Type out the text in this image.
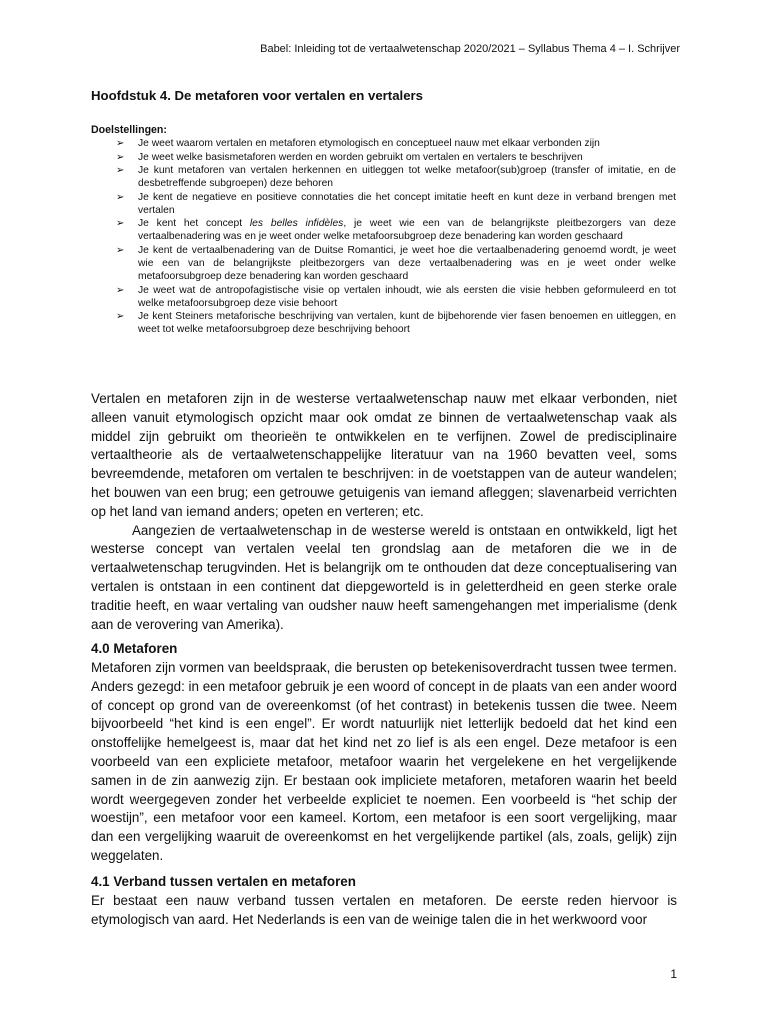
Babel: Inleiding tot de vertaalwetenschap 2020/2021 – Syllabus Thema 4 – I. Schrijver
Hoofdstuk 4. De metaforen voor vertalen en vertalers
Doelstellingen:
➢ Je weet waarom vertalen en metaforen etymologisch en conceptueel nauw met elkaar verbonden zijn
➢ Je weet welke basismetaforen werden en worden gebruikt om vertalen en vertalers te beschrijven
➢ Je kunt metaforen van vertalen herkennen en uitleggen tot welke metafoor(sub)groep (transfer of imitatie, en de desbetreffende subgroepen) deze behoren
➢ Je kent de negatieve en positieve connotaties die het concept imitatie heeft en kunt deze in verband brengen met vertalen
➢ Je kent het concept les belles infidèles, je weet wie een van de belangrijkste pleitbezorgers van deze vertaalbenadering was en je weet onder welke metafoorsubgroep deze benadering kan worden geschaard
➢ Je kent de vertaalbenadering van de Duitse Romantici, je weet hoe die vertaalbenadering genoemd wordt, je weet wie een van de belangrijkste pleitbezorgers van deze vertaalbenadering was en je weet onder welke metafoorsubgroep deze benadering kan worden geschaard
➢ Je weet wat de antropofagistische visie op vertalen inhoudt, wie als eersten die visie hebben geformuleerd en tot welke metafoorsubgroep deze visie behoort
➢ Je kent Steiners metaforische beschrijving van vertalen, kunt de bijbehorende vier fasen benoemen en uitleggen, en weet tot welke metafoorsubgroep deze beschrijving behoort

Vertalen en metaforen zijn in de westerse vertaalwetenschap nauw met elkaar verbonden, niet alleen vanuit etymologisch opzicht maar ook omdat ze binnen de vertaalwetenschap vaak als middel zijn gebruikt om theorieën te ontwikkelen en te verfijnen. Zowel de predisciplinaire vertaaltheorie als de vertaalwetenschappelijke literatuur van na 1960 bevatten veel, soms bevreemdende, metaforen om vertalen te beschrijven: in de voetstappen van de auteur wandelen; het bouwen van een brug; een getrouwe getuigenis van iemand afleggen; slavenarbeid verrichten op het land van iemand anders; opeten en verteren; etc.

Aangezien de vertaalwetenschap in de westerse wereld is ontstaan en ontwikkeld, ligt het westerse concept van vertalen veelal ten grondslag aan de metaforen die we in de vertaalwetenschap terugvinden. Het is belangrijk om te onthouden dat deze conceptualisering van vertalen is ontstaan in een continent dat diepgeworteld is in geletterdheid en geen sterke orale traditie heeft, en waar vertaling van oudsher nauw heeft samengehangen met imperialisme (denk aan de verovering van Amerika).

4.0 Metaforen

Metaforen zijn vormen van beeldspraak, die berusten op betekenisoverdracht tussen twee termen. Anders gezegd: in een metafoor gebruik je een woord of concept in de plaats van een ander woord of concept op grond van de overeenkomst (of het contrast) in betekenis tussen die twee. Neem bijvoorbeeld “het kind is een engel”. Er wordt natuurlijk niet letterlijk bedoeld dat het kind een onstoffelijke hemelgeest is, maar dat het kind net zo lief is als een engel. Deze metafoor is een voorbeeld van een expliciete metafoor, metafoor waarin het vergelekene en het vergelijkende samen in de zin aanwezig zijn. Er bestaan ook impliciete metaforen, metaforen waarin het beeld wordt weergegeven zonder het verbeelde expliciet te noemen. Een voorbeeld is “het schip der woestijn”, een metafoor voor een kameel. Kortom, een metafoor is een soort vergelijking, maar dan een vergelijking waaruit de overeenkomst en het vergelijkende partikel (als, zoals, gelijk) zijn weggelaten.

4.1 Verband tussen vertalen en metaforen

Er bestaat een nauw verband tussen vertalen en metaforen. De eerste reden hiervoor is etymologisch van aard. Het Nederlands is een van de weinige talen die in het werkwoord voor

1
